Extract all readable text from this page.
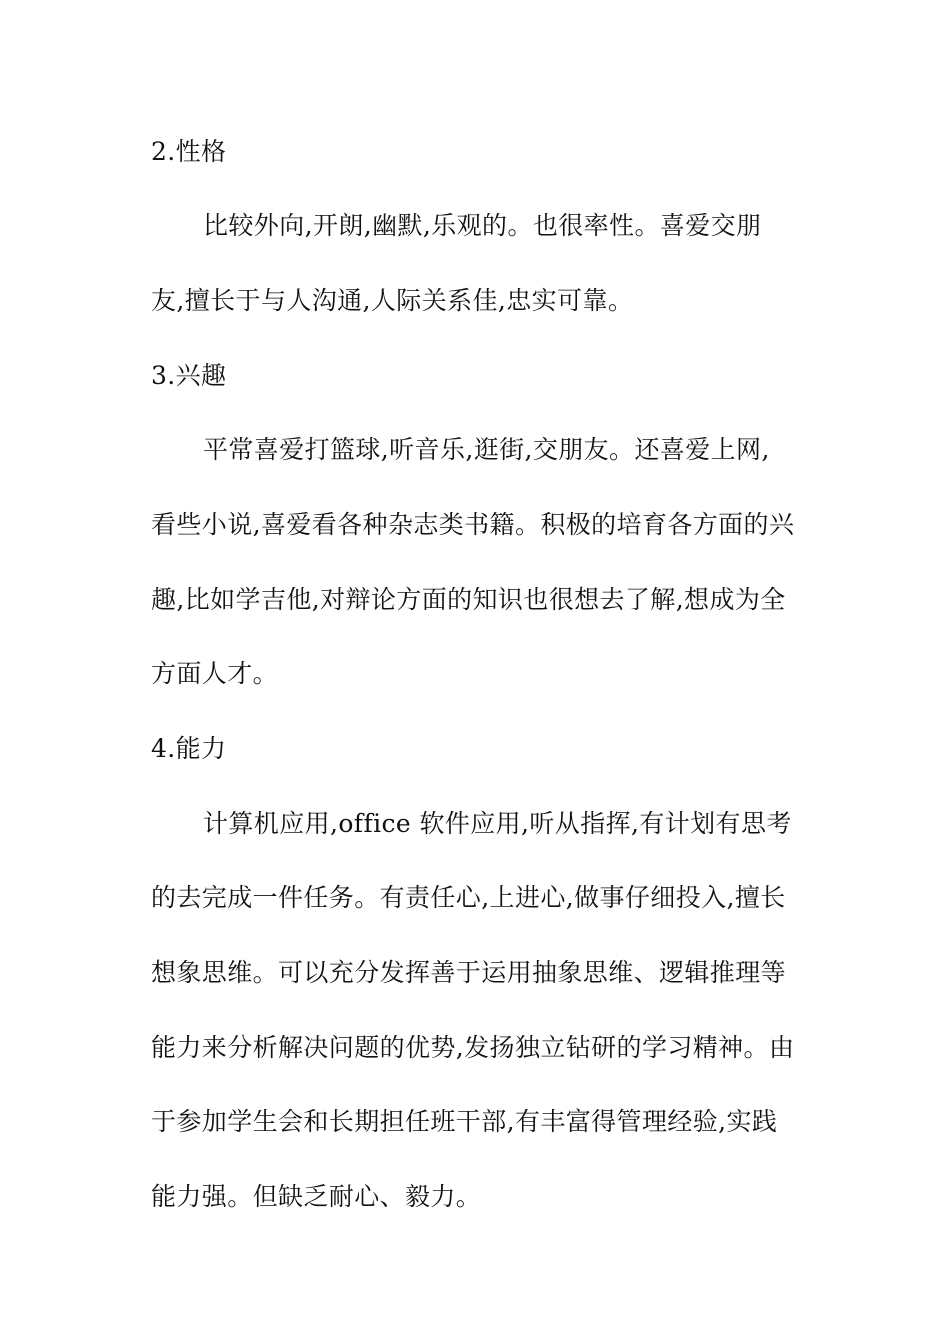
2.性格
比较外向,开朗,幽默,乐观的。也很率性。喜爱交朋
友,擅长于与人沟通,人际关系佳,忠实可靠。
3.兴趣
平常喜爱打篮球,听音乐,逛街,交朋友。还喜爱上网,
看些小说,喜爱看各种杂志类书籍。积极的培育各方面的兴
趣,比如学吉他,对辩论方面的知识也很想去了解,想成为全
方面人才。
4.能力
计算机应用,office 软件应用,听从指挥,有计划有思考
的去完成一件任务。有责任心,上进心,做事仔细投入,擅长
想象思维。可以充分发挥善于运用抽象思维、逻辑推理等
能力来分析解决问题的优势,发扬独立钻研的学习精神。由
于参加学生会和长期担任班干部,有丰富得管理经验,实践
能力强。但缺乏耐心、毅力。
